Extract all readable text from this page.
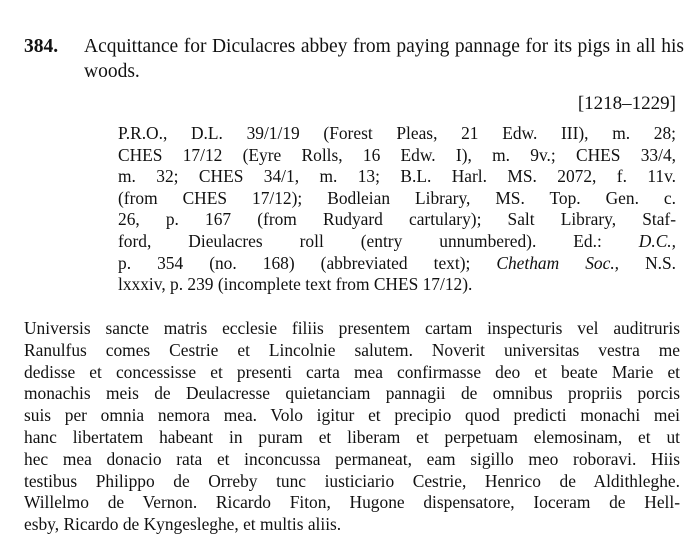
384. Acquittance for Diculacres abbey from paying pannage for its pigs in all his woods.
[1218–1229]
P.R.O., D.L. 39/1/19 (Forest Pleas, 21 Edw. III), m. 28;
CHES 17/12 (Eyre Rolls, 16 Edw. I), m. 9v.; CHES 33/4,
m. 32; CHES 34/1, m. 13; B.L. Harl. MS. 2072, f. 11v.
(from CHES 17/12); Bodleian Library, MS. Top. Gen. c.
26, p. 167 (from Rudyard cartulary); Salt Library, Staf-
ford, Dieulacres roll (entry unnumbered). Ed.: D.C.,
p. 354 (no. 168) (abbreviated text); Chetham Soc., N.S.
lxxxiv, p. 239 (incomplete text from CHES 17/12).
Universis sancte matris ecclesie filiis presentem cartam inspecturis vel auditruris
Ranulfus comes Cestrie et Lincolnie salutem. Noverit universitas vestra me
dedisse et concessisse et presenti carta mea confirmasse deo et beate Marie et
monachis meis de Deulacresse quietanciam pannagii de omnibus propriis porcis
suis per omnia nemora mea. Volo igitur et precipio quod predicti monachi mei
hanc libertatem habeant in puram et liberam et perpetuam elemosinam, et ut
hec mea donacio rata et inconcussa permaneat, eam sigillo meo roboravi. Hiis
testibus Philippo de Orreby tunc iusticiario Cestrie, Henrico de Aldithleghe.
Willelmo de Vernon. Ricardo Fiton, Hugone dispensatore, Ioceram de Hell-
esby, Ricardo de Kyngesleghe, et multis aliis.
